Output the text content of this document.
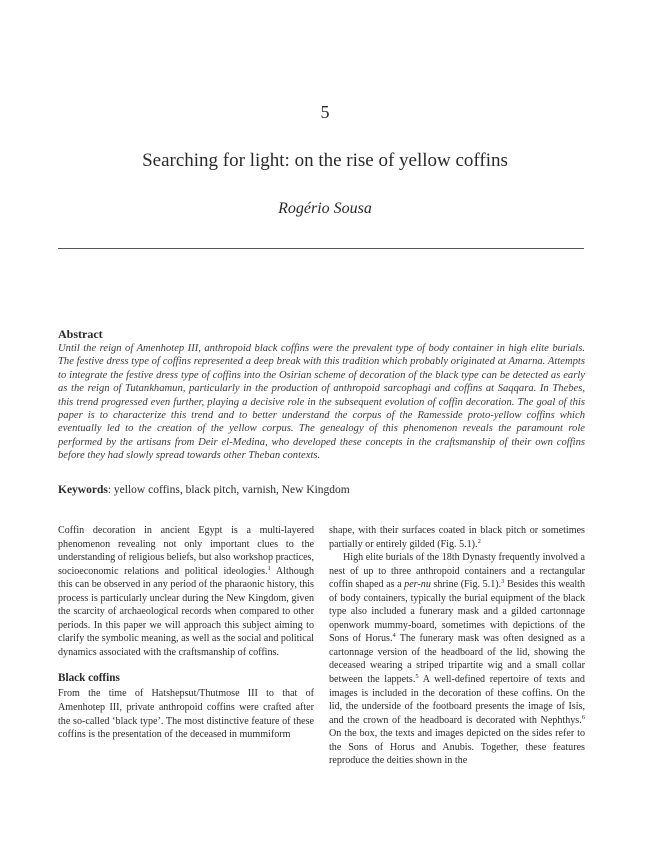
5
Searching for light: on the rise of yellow coffins
Rogério Sousa
Abstract
Until the reign of Amenhotep III, anthropoid black coffins were the prevalent type of body container in high elite burials. The festive dress type of coffins represented a deep break with this tradition which probably originated at Amarna. Attempts to integrate the festive dress type of coffins into the Osirian scheme of decoration of the black type can be detected as early as the reign of Tutankhamun, particularly in the production of anthropoid sarcophagi and coffins at Saqqara. In Thebes, this trend progressed even further, playing a decisive role in the subsequent evolution of coffin decoration. The goal of this paper is to characterize this trend and to better understand the corpus of the Ramesside proto-yellow coffins which eventually led to the creation of the yellow corpus. The genealogy of this phenomenon reveals the paramount role performed by the artisans from Deir el-Medina, who developed these concepts in the craftsmanship of their own coffins before they had slowly spread towards other Theban contexts.
Keywords: yellow coffins, black pitch, varnish, New Kingdom

Coffin decoration in ancient Egypt is a multi-layered phenomenon revealing not only important clues to the understanding of religious beliefs, but also workshop practices, socioeconomic relations and political ideologies.$^1$ Although this can be observed in any period of the pharaonic history, this process is particularly unclear during the New Kingdom, given the scarcity of archaeological records when compared to other periods. In this paper we will approach this subject aiming to clarify the symbolic meaning, as well as the social and political dynamics associated with the craftsmanship of coffins.

Black coffins

From the time of Hatshepsut/Thutmose III to that of Amenhotep III, private anthropoid coffins were crafted after the so-called ‘black type’. The most distinctive feature of these coffins is the presentation of the deceased in mummiform

shape, with their surfaces coated in black pitch or sometimes partially or entirely gilded (Fig. 5.1).$^2$

High elite burials of the 18th Dynasty frequently involved a nest of up to three anthropoid containers and a rectangular coffin shaped as a per-nu shrine (Fig. 5.1).$^3$ Besides this wealth of body containers, typically the burial equipment of the black type also included a funerary mask and a gilded cartonnage openwork mummy-board, sometimes with depictions of the Sons of Horus.$^4$ The funerary mask was often designed as a cartonnage version of the headboard of the lid, showing the deceased wearing a striped tripartite wig and a small collar between the lappets.$^5$ A well-defined repertoire of texts and images is included in the decoration of these coffins. On the lid, the underside of the footboard presents the image of Isis, and the crown of the headboard is decorated with Nephthys.$^6$ On the box, the texts and images depicted on the sides refer to the Sons of Horus and Anubis. Together, these features reproduce the deities shown in the
